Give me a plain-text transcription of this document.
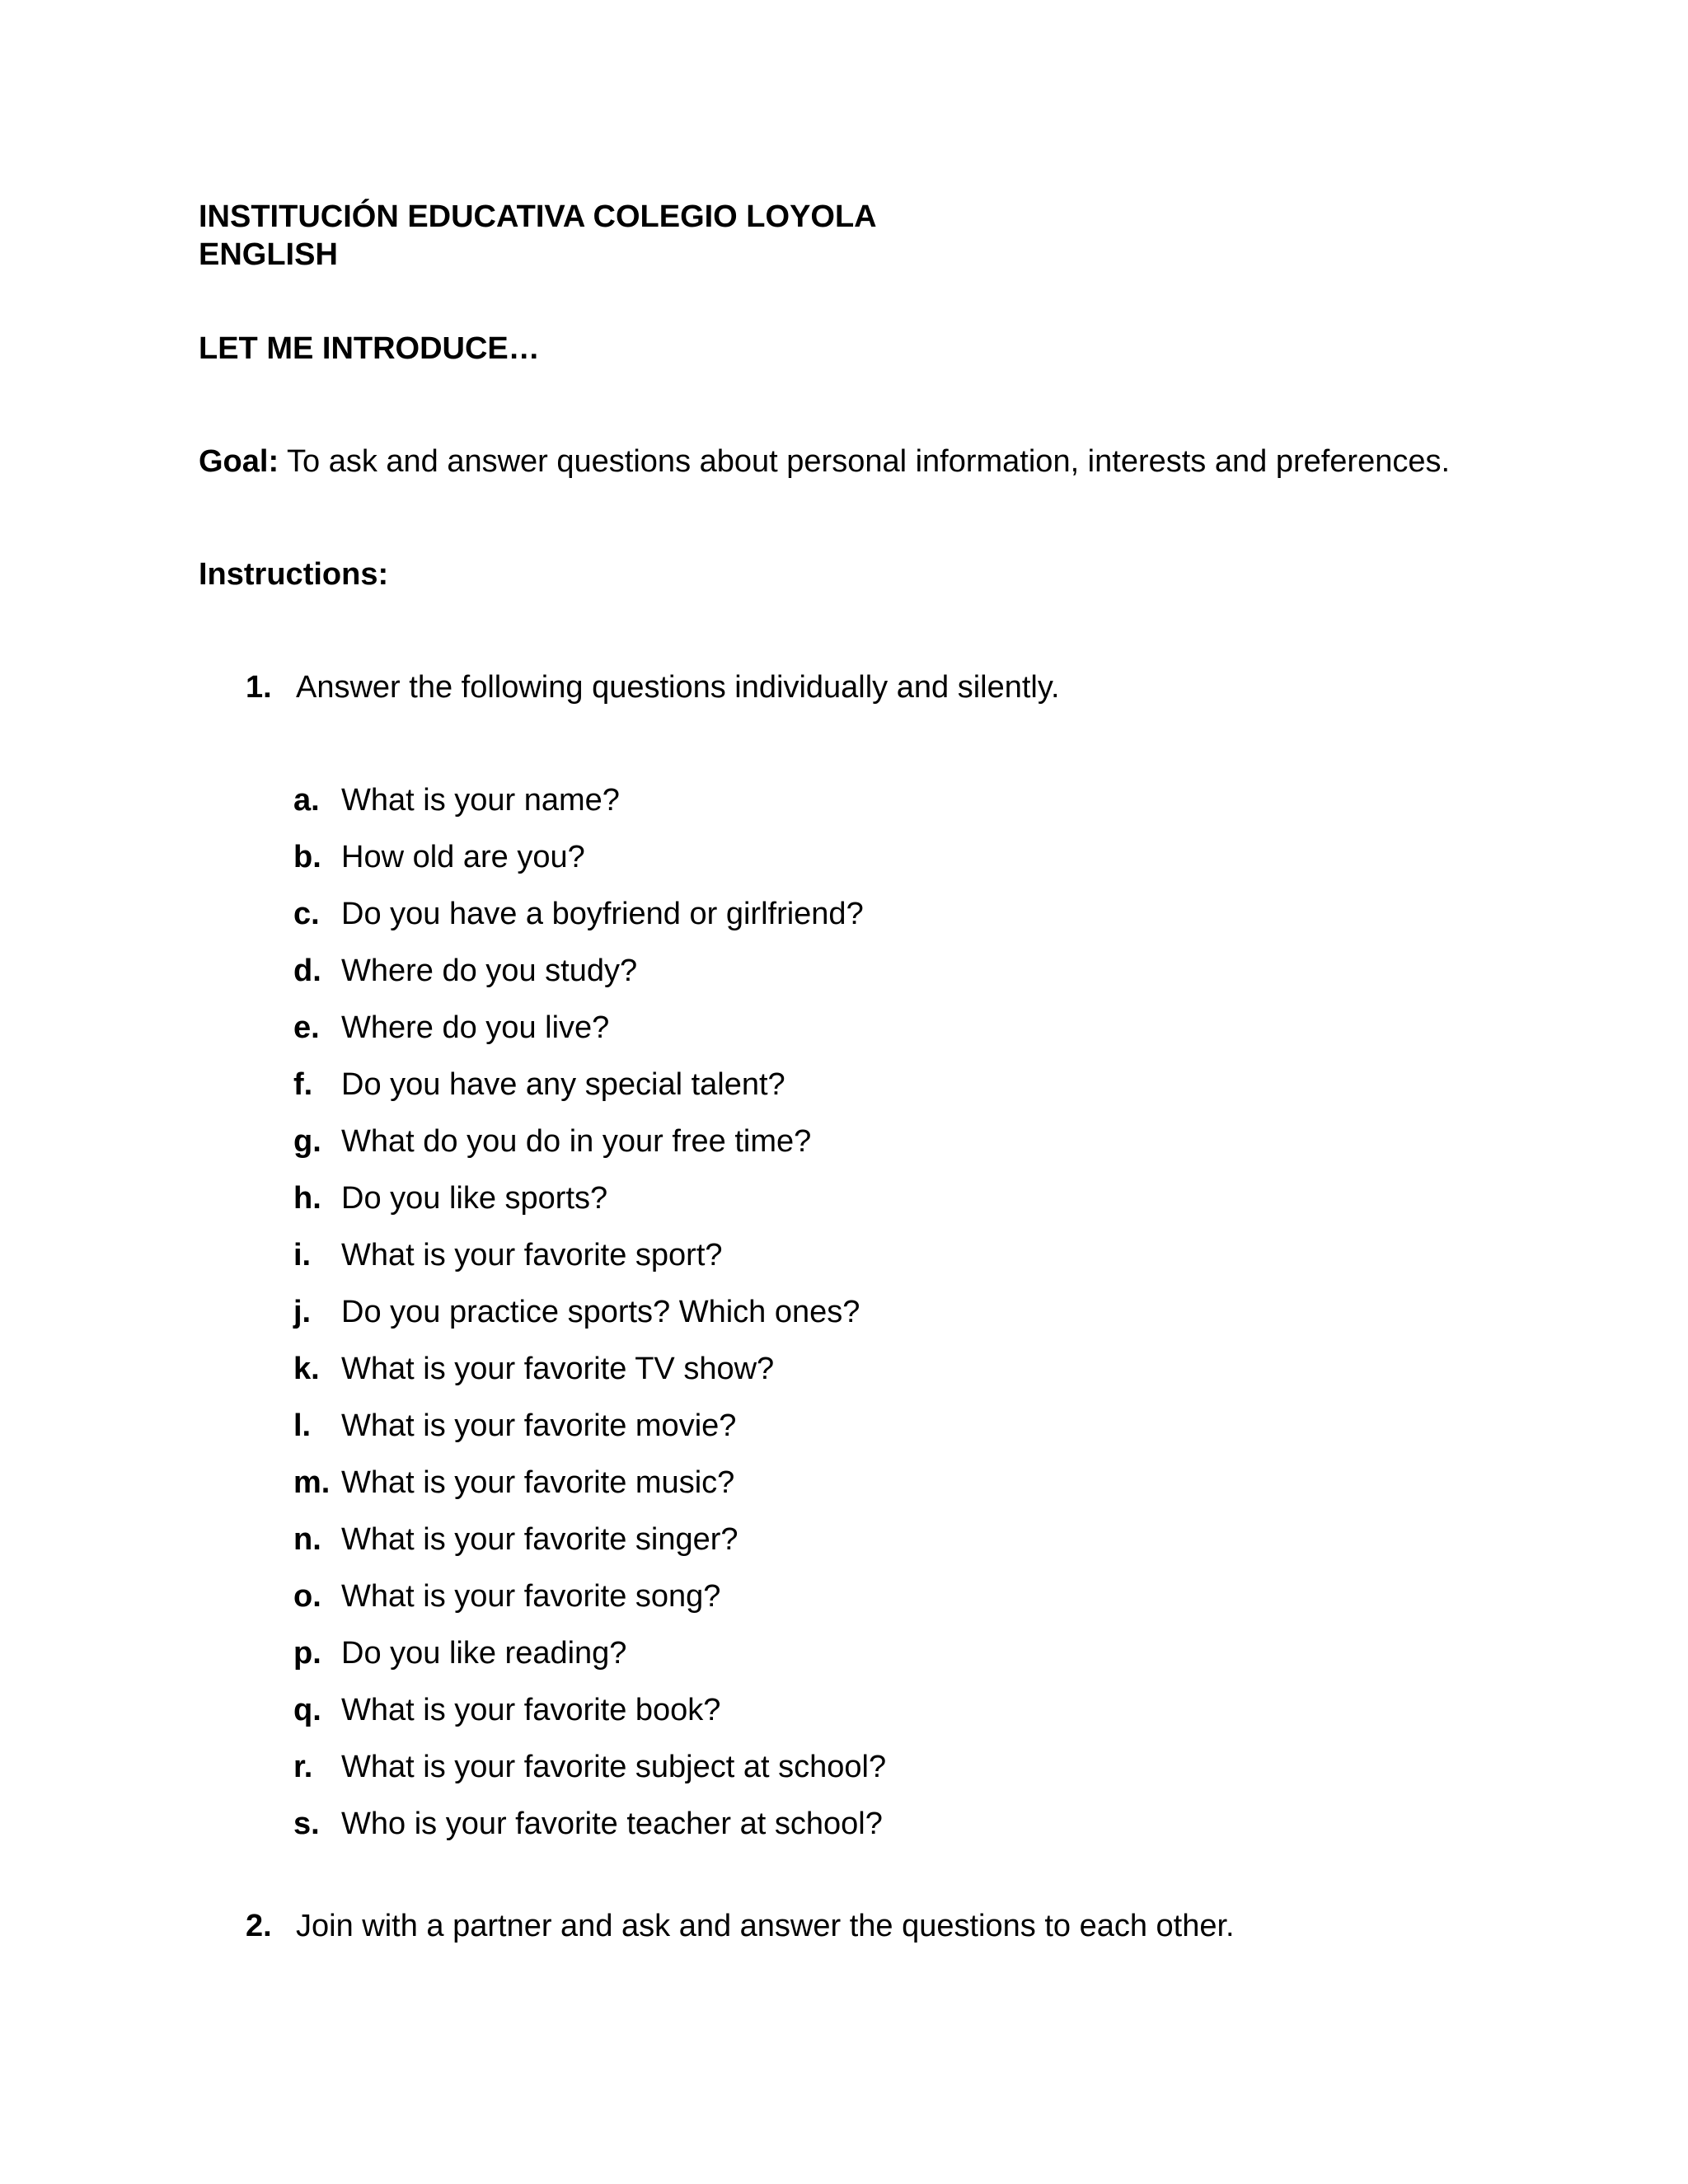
INSTITUCIÓN EDUCATIVA COLEGIO LOYOLA
ENGLISH
LET ME INTRODUCE…
Goal: To ask and answer questions about personal information, interests and preferences.
Instructions:
1. Answer the following questions individually and silently.
a. What is your name?
b. How old are you?
c. Do you have a boyfriend or girlfriend?
d. Where do you study?
e. Where do you live?
f. Do you have any special talent?
g. What do you do in your free time?
h. Do you like sports?
i. What is your favorite sport?
j. Do you practice sports? Which ones?
k. What is your favorite TV show?
l. What is your favorite movie?
m. What is your favorite music?
n. What is your favorite singer?
o. What is your favorite song?
p. Do you like reading?
q. What is your favorite book?
r. What is your favorite subject at school?
s. Who is your favorite teacher at school?
2. Join with a partner and ask and answer the questions to each other.
